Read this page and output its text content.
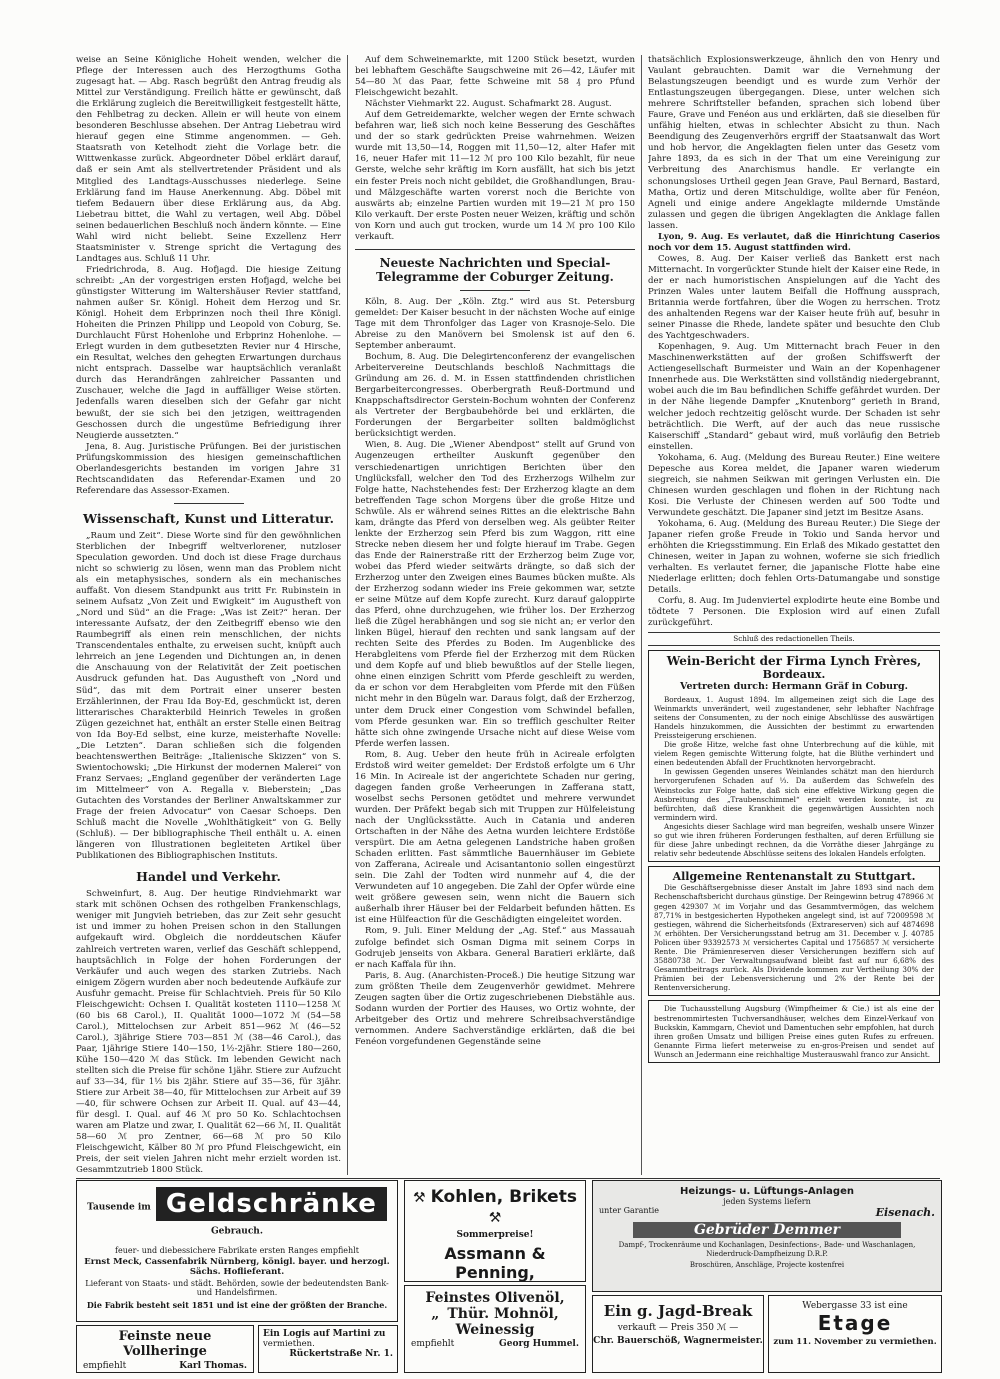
weise an Seine Königliche Hoheit wenden, welcher die Pflege der Interessen auch des Herzogthums Gotha zugesagt hat. — Abg. Rasch begrüßt den Antrag freudig als Mittel zur Verständigung. Freilich hätte er gewünscht, daß die Erklärung zugleich die Bereitwilligkeit festgestellt hätte, den Fehlbetrag zu decken. Allein er will heute von einem besonderen Beschlusse absehen. Der Antrag Liebetrau wird hierauf gegen eine Stimme angenommen. — Geh. Staatsrath von Ketelhodt zieht die Vorlage betr. die Wittwenkasse zurück. Abgeordneter Döbel erklärt darauf, daß er sein Amt als stellvertretender Präsident und als Mitglied des Landtags-Ausschusses niederlege. Seine Erklärung fand im Hause Anerkennung. Abg. Döbel mit tiefem Bedauern über diese Erklärung aus, da Abg. Liebetrau bittet, die Wahl zu vertagen, weil Abg. Döbel seinen bedauerlichen Beschluß noch ändern könnte. — Eine Wahl wird nicht beliebt. Seine Exzellenz Herr Staatsminister v. Strenge spricht die Vertagung des Landtages aus. Schluß 11 Uhr.

Friedrichroda, 8. Aug. Hofjagd. Die hiesige Zeitung schreibt: „An der vorgestrigen ersten Hofjagd, welche bei günstigster Witterung im Waltershäuser Revier stattfand, nahmen außer Sr. Königl. Hoheit dem Herzog und Sr. Königl. Hoheit dem Erbprinzen noch theil Ihre Königl. Hoheiten die Prinzen Philipp und Leopold von Coburg, Se. Durchlaucht Fürst Hohenlohe und Erbprinz Hohenlohe. — Erlegt wurden in dem gutbesetzten Revier nur 4 Hirsche, ein Resultat, welches den gehegten Erwartungen durchaus nicht entsprach. Dasselbe war hauptsächlich veranlaßt durch das Herandrängen zahlreicher Passanten und Zuschauer, welche die Jagd in auffälliger Weise störten. Jedenfalls waren dieselben sich der Gefahr gar nicht bewußt, der sie sich bei den jetzigen, weittragenden Geschossen durch die ungestüme Befriedigung ihrer Neugierde aussetzten.“

Jena, 8. Aug. Juristische Prüfungen. Bei der juristischen Prüfungskommission des hiesigen gemeinschaftlichen Oberlandesgerichts bestanden im vorigen Jahre 31 Rechtscandidaten das Referendar-Examen und 20 Referendare das Assessor-Examen.

Wissenschaft, Kunst und Litteratur.

„Raum und Zeit“. Diese Worte sind für den gewöhnlichen Sterblichen der Inbegriff weltverlorener, nutzloser Speculation geworden. Und doch ist diese Frage durchaus nicht so schwierig zu lösen, wenn man das Problem nicht als ein metaphysisches, sondern als ein mechanisches auffaßt. Von diesem Standpunkt aus tritt Fr. Rubinstein in seinem Aufsatz „Von Zeit und Ewigkeit“ im Augustheft von „Nord und Süd“ an die Frage: „Was ist Zeit?“ heran. Der interessante Aufsatz, der den Zeitbegriff ebenso wie den Raumbegriff als einen rein menschlichen, der nichts Transcendentales enthalte, zu erweisen sucht, knüpft auch lehrreich an jene Legenden und Dichtungen an, in denen die Anschauung von der Relativität der Zeit poetischen Ausdruck gefunden hat. Das Augustheft von „Nord und Süd“, das mit dem Portrait einer unserer besten Erzählerinnen, der Frau Ida Boy-Ed, geschmückt ist, deren litterarisches Charakterbild Heinrich Teweles in großen Zügen gezeichnet hat, enthält an erster Stelle einen Beitrag von Ida Boy-Ed selbst, eine kurze, meisterhafte Novelle: „Die Letzten“. Daran schließen sich die folgenden beachtenswerthen Beiträge: „Italienische Skizzen“ von S. Swientochowski; „Die Hirkunst der modernen Malerei“ von Franz Servaes; „England gegenüber der veränderten Lage im Mittelmeer“ von A. Regalla v. Bieberstein; „Das Gutachten des Vorstandes der Berliner Anwaltskammer zur Frage der freien Advocatur“ von Caesar Schoeps. Den Schluß macht die Novelle „Wohlthätigkeit“ von G. Belly (Schluß). — Der bibliographische Theil enthält u. A. einen längeren von Illustrationen begleiteten Artikel über Publikationen des Bibliographischen Instituts.

Handel und Verkehr.

Schweinfurt, 8. Aug. Der heutige Rindviehmarkt war stark mit schönen Ochsen des rothgelben Frankenschlags, weniger mit Jungvieh betrieben, das zur Zeit sehr gesucht ist und immer zu hohen Preisen schon in den Stallungen aufgekauft wird. Obgleich die norddeutschen Käufer zahlreich vertreten waren, verlief das Geschäft schleppend, hauptsächlich in Folge der hohen Forderungen der Verkäufer und auch wegen des starken Zutriebs. Nach einigem Zögern wurden aber noch bedeutende Aufkäufe zur Ausfuhr gemacht. Preise für Schlachtvieh. Preis für 50 Kilo Fleischgewicht: Ochsen I. Qualität kosteten 1110—1258 ℳ (60 bis 68 Carol.), II. Qualität 1000—1072 ℳ (54—58 Carol.), Mittelochsen zur Arbeit 851—962 ℳ (46—52 Carol.), 3jährige Stiere 703—851 ℳ (38—46 Carol.), das Paar, 1jährige Stiere 140—150, 1½-2jähr. Stiere 180—260, Kühe 150—420 ℳ das Stück. Im lebenden Gewicht nach stellten sich die Preise für schöne 1jähr. Stiere zur Aufzucht auf 33—34, für 1½ bis 2jähr. Stiere auf 35—36, für 3jähr. Stiere zur Arbeit 38—40, für Mittelochsen zur Arbeit auf 39—40, für schwere Ochsen zur Arbeit II. Qual. auf 43—44, für desgl. I. Qual. auf 46 ℳ pro 50 Ko. Schlachtochsen waren am Platze und zwar, I. Qualität 62—66 ℳ, II. Qualität 58—60 ℳ pro Zentner, 66—68 ℳ pro 50 Kilo Fleischgewicht, Kälber 80 ℳ pro Pfund Fleischgewicht, ein Preis, der seit vielen Jahren nicht mehr erzielt worden ist. Gesammtzutrieb 1800 Stück.

Auf dem Schweinemarkte, mit 1200 Stück besetzt, wurden bei lebhaftem Geschäfte Saugschweine mit 26—42, Läufer mit 54—80 ℳ das Paar, fette Schweine mit 58 ₰ pro Pfund Fleischgewicht bezahlt.

Nächster Viehmarkt 22. August. Schafmarkt 28. August.

Auf dem Getreidemarkte, welcher wegen der Ernte schwach befahren war, ließ sich noch keine Besserung des Geschäftes und der so stark gedrückten Preise wahrnehmen. Weizen wurde mit 13,50—14, Roggen mit 11,50—12, alter Hafer mit 16, neuer Hafer mit 11—12 ℳ pro 100 Kilo bezahlt, für neue Gerste, welche sehr kräftig im Korn ausfällt, hat sich bis jetzt ein fester Preis noch nicht gebildet, die Großhandlungen, Brau- und Mälzgeschäfte warten vorerst noch die Berichte von auswärts ab; einzelne Partien wurden mit 19—21 ℳ pro 150 Kilo verkauft. Der erste Posten neuer Weizen, kräftig und schön von Korn und auch gut trocken, wurde um 14 ℳ pro 100 Kilo verkauft.

Neueste Nachrichten und Special-Telegramme der Coburger Zeitung.

Köln, 8. Aug. Der „Köln. Ztg.“ wird aus St. Petersburg gemeldet: Der Kaiser besucht in der nächsten Woche auf einige Tage mit dem Thronfolger das Lager von Krasnoje-Selo. Die Abreise zu den Manövern bei Smolensk ist auf den 6. September anberaumt.

Bochum, 8. Aug. Die Delegirtenconferenz der evangelischen Arbeitervereine Deutschlands beschloß Nachmittags die Gründung am 26. d. M. in Essen stattfindenden christlichen Bergarbeitercongresses. Oberbergrath Reuß-Dortmund und Knappschaftsdirector Gerstein-Bochum wohnten der Conferenz als Vertreter der Bergbaubehörde bei und erklärten, die Forderungen der Bergarbeiter sollten baldmöglichst berücksichtigt werden.

Wien, 8. Aug. Die „Wiener Abendpost“ stellt auf Grund von Augenzeugen ertheilter Auskunft gegenüber den verschiedenartigen unrichtigen Berichten über den Unglücksfall, welcher den Tod des Erzherzogs Wilhelm zur Folge hatte, Nachstehendes fest: Der Erzherzog klagte an dem betreffenden Tage schon Morgens über die große Hitze und Schwüle. Als er während seines Rittes an die elektrische Bahn kam, drängte das Pferd von derselben weg. Als geübter Reiter lenkte der Erzherzog sein Pferd bis zum Waggon, ritt eine Strecke neben diesem her und folgte hierauf im Trabe. Gegen das Ende der Rainerstraße ritt der Erzherzog beim Zuge vor, wobei das Pferd wieder seitwärts drängte, so daß sich der Erzherzog unter den Zweigen eines Baumes bücken mußte. Als der Erzherzog sodann wieder ins Freie gekommen war, setzte er seine Mütze auf dem Kopfe zurecht. Kurz darauf galoppirte das Pferd, ohne durchzugehen, wie früher los. Der Erzherzog ließ die Zügel herabhängen und sog sie nicht an; er verlor den linken Bügel, hierauf den rechten und sank langsam auf der rechten Seite des Pferdes zu Boden. Im Augenblicke des Herabgleitens vom Pferde fiel der Erzherzog mit dem Rücken und dem Kopfe auf und blieb bewußtlos auf der Stelle liegen, ohne einen einzigen Schritt vom Pferde geschleift zu werden, da er schon vor dem Herabgleiten vom Pferde mit den Füßen nicht mehr in den Bügeln war. Daraus folgt, daß der Erzherzog, unter dem Druck einer Congestion vom Schwindel befallen, vom Pferde gesunken war. Ein so trefflich geschulter Reiter hätte sich ohne zwingende Ursache nicht auf diese Weise vom Pferde werfen lassen.

Rom, 8. Aug. Ueber den heute früh in Acireale erfolgten Erdstoß wird weiter gemeldet: Der Erdstoß erfolgte um 6 Uhr 16 Min. In Acireale ist der angerichtete Schaden nur gering, dagegen fanden große Verheerungen in Zafferana statt, woselbst sechs Personen getödtet und mehrere verwundet wurden. Der Präfekt begab sich mit Truppen zur Hülfeleistung nach der Unglücksstätte. Auch in Catania und anderen Ortschaften in der Nähe des Aetna wurden leichtere Erdstöße verspürt. Die am Aetna gelegenen Landstriche haben großen Schaden erlitten. Fast sämmtliche Bauernhäuser im Gebiete von Zafferana, Acireale und Acisantantonio sollen eingestürzt sein. Die Zahl der Todten wird nunmehr auf 4, die der Verwundeten auf 10 angegeben. Die Zahl der Opfer würde eine weit größere gewesen sein, wenn nicht die Bauern sich außerhalb ihrer Häuser bei der Feldarbeit befunden hätten. Es ist eine Hülfeaction für die Geschädigten eingeleitet worden.

Rom, 9. Juli. Einer Meldung der „Ag. Stef.“ aus Massauah zufolge befindet sich Osman Digma mit seinem Corps in Godrujeb jenseits von Akbara. General Baratieri erklärte, daß er nach Kaffala für ihn.

Paris, 8. Aug. (Anarchisten-Proceß.) Die heutige Sitzung war zum größten Theile dem Zeugenverhör gewidmet. Mehrere Zeugen sagten über die Ortiz zugeschriebenen Diebstähle aus. Sodann wurden der Portier des Hauses, wo Ortiz wohnte, der Arbeitgeber des Ortiz und mehrere Schreibsachverständige vernommen. Andere Sachverständige erklärten, daß die bei Fenéon vorgefundenen Gegenstände seine

thatsächlich Explosionswerkzeuge, ähnlich den von Henry und Vaulant gebrauchten. Damit war die Vernehmung der Belastungszeugen beendigt und es wurde zum Verhör der Entlastungszeugen übergegangen. Diese, unter welchen sich mehrere Schriftsteller befanden, sprachen sich lobend über Faure, Grave und Fenéon aus und erklärten, daß sie dieselben für unfähig hielten, etwas in schlechter Absicht zu thun. Nach Beendigung des Zeugenverhörs ergriff der Staatsanwalt das Wort und hob hervor, die Angeklagten fielen unter das Gesetz vom Jahre 1893, da es sich in der That um eine Vereinigung zur Verbreitung des Anarchismus handle. Er verlangte ein schonungsloses Urtheil gegen Jean Grave, Paul Bernard, Bastard, Matha, Ortiz und deren Mitschuldige, wollte aber für Fenéon, Agneli und einige andere Angeklagte mildernde Umstände zulassen und gegen die übrigen Angeklagten die Anklage fallen lassen.

Lyon, 9. Aug. Es verlautet, daß die Hinrichtung Caserios noch vor dem 15. August stattfinden wird.

Cowes, 8. Aug. Der Kaiser verließ das Bankett erst nach Mitternacht. In vorgerückter Stunde hielt der Kaiser eine Rede, in der er nach humoristischen Anspielungen auf die Yacht des Prinzen Wales unter lautem Beifall die Hoffnung aussprach, Britannia werde fortfahren, über die Wogen zu herrschen. Trotz des anhaltenden Regens war der Kaiser heute früh auf, besuhr in seiner Pinasse die Rhede, landete später und besuchte den Club des Yachtgeschwaders.

Kopenhagen, 9. Aug. Um Mitternacht brach Feuer in den Maschinenwerkstätten auf der großen Schiffswerft der Actiengesellschaft Burmeister und Wain an der Kopenhagener Innenrhede aus. Die Werkstätten sind vollständig niedergebrannt, wobei auch die im Bau befindlichen Schiffe gefährdet wurden. Der in der Nähe liegende Dampfer „Knutenborg“ gerieth in Brand, welcher jedoch rechtzeitig gelöscht wurde. Der Schaden ist sehr beträchtlich. Die Werft, auf der auch das neue russische Kaiserschiff „Standard“ gebaut wird, muß vorläufig den Betrieb einstellen.

Yokohama, 6. Aug. (Meldung des Bureau Reuter.) Eine weitere Depesche aus Korea meldet, die Japaner waren wiederum siegreich, sie nahmen Seikwan mit geringen Verlusten ein. Die Chinesen wurden geschlagen und flohen in der Richtung nach Kosi. Die Verluste der Chinesen werden auf 500 Todte und Verwundete geschätzt. Die Japaner sind jetzt im Besitze Asans.

Yokohama, 6. Aug. (Meldung des Bureau Reuter.) Die Siege der Japaner riefen große Freude in Tokio und Sanda hervor und erhöhten die Kriegsstimmung. Ein Erlaß des Mikado gestattet den Chinesen, weiter in Japan zu wohnen, woferne sie sich friedlich verhalten. Es verlautet ferner, die japanische Flotte habe eine Niederlage erlitten; doch fehlen Orts-Datumangabe und sonstige Details.

Corfu, 8. Aug. Im Judenviertel explodirte heute eine Bombe und tödtete 7 Personen. Die Explosion wird auf einen Zufall zurückgeführt.

Schluß des redactionellen Theils.
Wein-Bericht der Firma Lynch Frères,
Bordeaux.
Vertreten durch: Hermann Gräf in Coburg.

Bordeaux, 1. August 1894. Im allgemeinen zeigt sich die Lage des Weinmarkts unverändert, weil zugestandener, sehr lebhafter Nachfrage seitens der Consumenten, zu der noch einige Abschlüsse des auswärtigen Handels hinzukommen, die Aussichten der bestimmt zu erwartenden Preissteigerung erschienen.

Die große Hitze, welche fast ohne Unterbrechung auf die kühle, mit vielem Regen gemischte Witterung folgte, hat die Blüthe verhindert und einen bedeutenden Abfall der Fruchtknoten hervorgebracht.

In gewissen Gegenden unseres Weinlandes schätzt man den hierdurch hervorgerufenen Schaden auf ⅓. Da außerdem das Schwefeln des Weinstocks zur Folge hatte, daß sich eine effektive Wirkung gegen die Ausbreitung des „Traubenschimmel“ erzielt werden konnte, ist zu befürchten, daß diese Krankheit die gegenwärtigen Aussichten noch vermindern wird.

Angesichts dieser Sachlage wird man begreifen, weshalb unsere Winzer so gut wie ihren früheren Forderungen festhalten, auf deren Erfüllung sie für diese Jahre unbedingt rechnen, da die Vorräthe dieser Jahrgänge zu relativ sehr bedeutende Abschlüsse seitens des lokalen Handels erfolgten.

Allgemeine Rentenanstalt zu Stuttgart.

Die Geschäftsergebnisse dieser Anstalt im Jahre 1893 sind nach dem Rechenschaftsbericht durchaus günstige. Der Reingewinn betrug 478966 ℳ gegen 429307 ℳ im Vorjahr und das Gesammtvermögen, das welchem 87,71% in bestgesicherten Hypotheken angelegt sind, ist auf 72009598 ℳ gestiegen, während die Sicherheitsfonds (Extrareserven) sich auf 4874698 ℳ erhöhten. Der Versicherungsstand betrug am 31. December v. J. 40785 Policen über 93392573 ℳ versichertes Capital und 1756857 ℳ versicherte Rente. Die Prämienreserven dieser Versicherungen beziffern sich auf 35880738 ℳ. Der Verwaltungsaufwand bleibt fast auf nur 6,68% des Gesammtbeitrags zurück. Als Dividende kommen zur Vertheilung 30% der Prämien bei der Lebensversicherung und 2% der Rente bei der Rentenversicherung.

Die Tuchausstellung Augsburg (Wimpfheimer & Cie.) ist als eine der bestrenommirtesten Tuchversandhäuser, welches dem Einzel-Verkauf von Buckskin, Kammgarn, Cheviot und Damentuchen sehr empfohlen, hat durch ihren großen Umsatz und billigen Preise eines guten Rufes zu erfreuen. Genannte Firma liefert meterweise zu en-gros-Preisen und sendet auf Wunsch an Jedermann eine reichhaltige Musterauswahl franco zur Ansicht.

Tausende im Geldschränke Gebrauch.
feuer- und diebessichere Fabrikate ersten Ranges empfiehlt
Ernst Meck, Cassenfabrik Nürnberg, königl. bayer. und herzogl. Sächs. Hoflieferant.
Lieferant von Staats- und städt. Behörden, sowie der bedeutendsten Bank- und Handelsfirmen.
Die Fabrik besteht seit 1851 und ist eine der größten der Branche.
⚒ Kohlen, Brikets ⚒
Sommerpreise!
Assmann & Penning,
Heizungs- u. Lüftungs-Anlagen
jeden Systems liefern
unter Garantie	Eisenach.
Gebrüder Demmer
Dampf-, Trockenräume und Kochanlagen, Desinfections-, Bade- und Waschanlagen, Niederdruck-Dampfheizung D.R.P.
Broschüren, Anschläge, Projecte kostenfrei
Feinste neue Vollheringe
empfiehlt	Karl Thomas.
Ein Logis auf Martini zu
vermiethen.
Rückertstraße Nr. 1.
Feinstes Olivenöl,
„ Thür. Mohnöl,
Weinessig
empfiehlt	Georg Hummel.
Ein g. Jagd-Break
verkauft — Preis 350 ℳ —
Chr. Bauerschöß, Wagnermeister.
Webergasse 33 ist eine
Etage
zum 11. November zu vermiethen.
